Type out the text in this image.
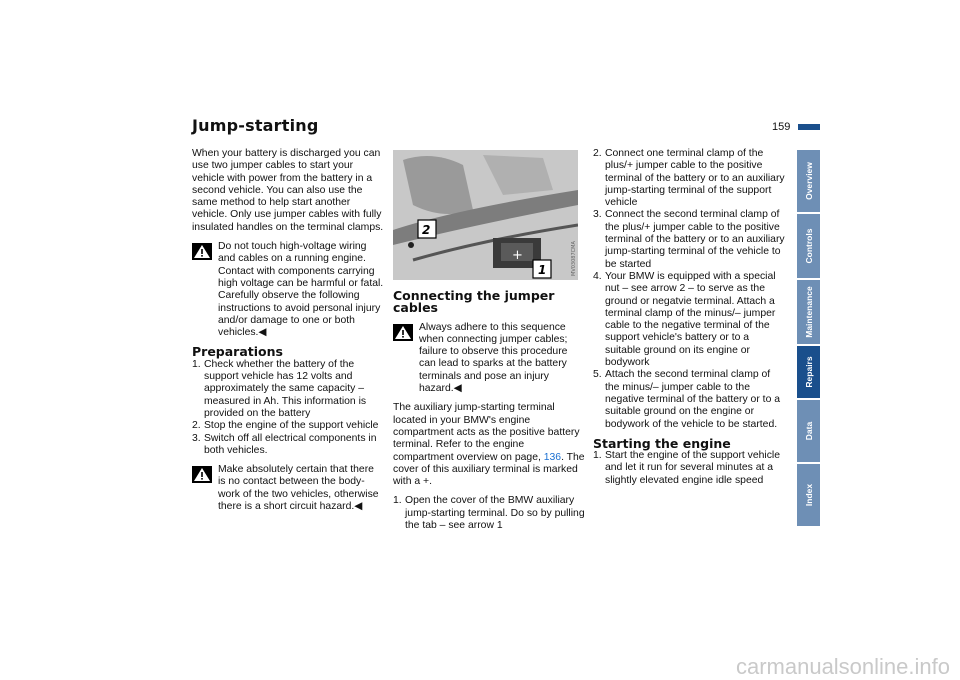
Jump-starting	159

When your battery is discharged you can use two jumper cables to start your vehicle with power from the battery in a second vehicle. You can also use the same method to help start another vehicle. Only use jumper cables with fully insulated handles on the terminal clamps.

Do not touch high-voltage wiring and cables on a running engine. Contact with components carrying high voltage can be harmful or fatal. Carefully observe the following instructions to avoid personal injury and/or damage to one or both vehicles.◀

Preparations
1. Check whether the battery of the support vehicle has 12 volts and approximately the same capacity – measured in Ah. This information is provided on the battery
2. Stop the engine of the support vehicle
3. Switch off all electrical components in both vehicles.

Make absolutely certain that there is no contact between the body-work of the two vehicles, otherwise there is a short circuit hazard.◀

2
1
+	MV03087CMA
Connecting the jumper cables

Always adhere to this sequence when connecting jumper cables; failure to observe this procedure can lead to sparks at the battery terminals and pose an injury hazard.◀

The auxiliary jump-starting terminal located in your BMW's engine compartment acts as the positive battery terminal. Refer to the engine compartment overview on page, 136. The cover of this auxiliary terminal is marked with a +.

1. Open the cover of the BMW auxiliary jump-starting terminal. Do so by pulling the tab – see arrow 1
2. Connect one terminal clamp of the plus/+ jumper cable to the positive terminal of the battery or to an auxiliary jump-starting terminal of the support vehicle
3. Connect the second terminal clamp of the plus/+ jumper cable to the positive terminal of the battery or to an auxiliary jump-starting terminal of the vehicle to be started
4. Your BMW is equipped with a special nut – see arrow 2 – to serve as the ground or negatvie terminal. Attach a terminal clamp of the minus/– jumper cable to the negative terminal of the support vehicle's battery or to a suitable ground on its engine or bodywork
5. Attach the second terminal clamp of the minus/– jumper cable to the negative terminal of the battery or to a suitable ground on the engine or bodywork of the vehicle to be started.
Starting the engine
1. Start the engine of the support vehicle and let it run for several minutes at a slightly elevated engine idle speed
Overview
Controls
Maintenance
Repairs
Data
Index
carmanualsonline.info
